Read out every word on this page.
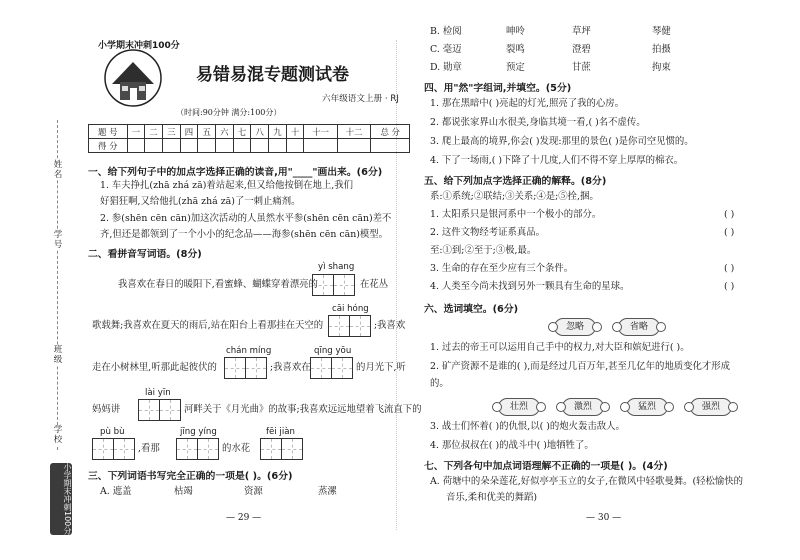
姓名
学号
班级
学校
小学期末冲刺100分
小学期末冲刺100分
易错易混专题测试卷
六年级语文上册 · RJ
（时间:90分钟 满分:100分）
题 号	一	二	三	四	五	六	七	八	九	十	十一	十二	总 分
得 分													
一、给下列句子中的加点字选择正确的读音,用"____"画出来。(6分)
1. 车夫挣扎(zhā zhá zā)着站起来,但又给他按倒在地上,我们
好猖狂啊,又给他扎(zhā zhá zā)了一刺止痛剂。
2. 参(shēn cēn cān)加这次活动的人虽然水平参(shēn cēn cān)差不
齐,但还是都领到了一个小小的纪念品——海参(shēn cēn cān)模型。
二、看拼音写词语。(8分)
yì shang
我喜欢在春日的暖阳下,看蜜蜂、蝴蝶穿着漂亮的	在花丛
cāi hóng
歌载舞;我喜欢在夏天的雨后,站在阳台上看那挂在天空的	;我喜欢
chán míng	qīng yōu
走在小树林里,听那此起彼伏的	;我喜欢在	的月光下,听
lài yīn
妈妈讲	河畔关于《月光曲》的故事;我喜欢远远地望着飞流直下的
pù bù
,看那
jīng yíng
的水花
fēi jiàn
三、下列词语书写完全正确的一项是( )。(6分)
A. 遮盖	枯竭	资源	蒸漯
— 29 —
B. 检阅	呻呤	草坪	琴健
C. 毫迈	裂鸣	澄碧	拍摄
D. 勋章	预定	甘蔗	拘束
四、用"然"字组词,并填空。(5分)
1. 那在黑暗中( )亮起的灯光,照亮了我的心房。
2. 都说张家界山水很美,身临其境一看,( )名不虚传。
3. 爬上最高的境界,你会( )发现:那里的景色( )是你司空见惯的。
4. 下了一场雨,( )下降了十几度,人们不得不穿上厚厚的棉衣。
五、给下列加点字选择正确的解释。(8分)
系:①系统;②联结;③关系;④是;⑤拴,捆。
1. 太阳系只是银河系中一个极小的部分。	( )
2. 这件文物经考证系真品。	( )
至:①到;②至于;③极,最。
3. 生命的存在至少应有三个条件。	( )
4. 人类至今尚未找到另外一颗具有生命的星球。	( )
六、选词填空。(6分)
忽略	省略
1. 过去的帝王可以运用自己手中的权力,对大臣和嫔妃进行( )。
2. 矿产资源不是谁的( ),而是经过几百万年,甚至几亿年的地质变化才形成
的。
壮烈	激烈	猛烈	强烈
3. 战士们怀着( )的仇恨,以( )的炮火轰击敌人。
4. 那位叔叔在( )的战斗中( )地牺牲了。
七、下列各句中加点词语理解不正确的一项是( )。(4分)
A. 荷塘中的朵朵莲花,好似亭亭玉立的女子,在微风中轻歌曼舞。(轻松愉快的
音乐,柔和优美的舞蹈)
— 30 —
